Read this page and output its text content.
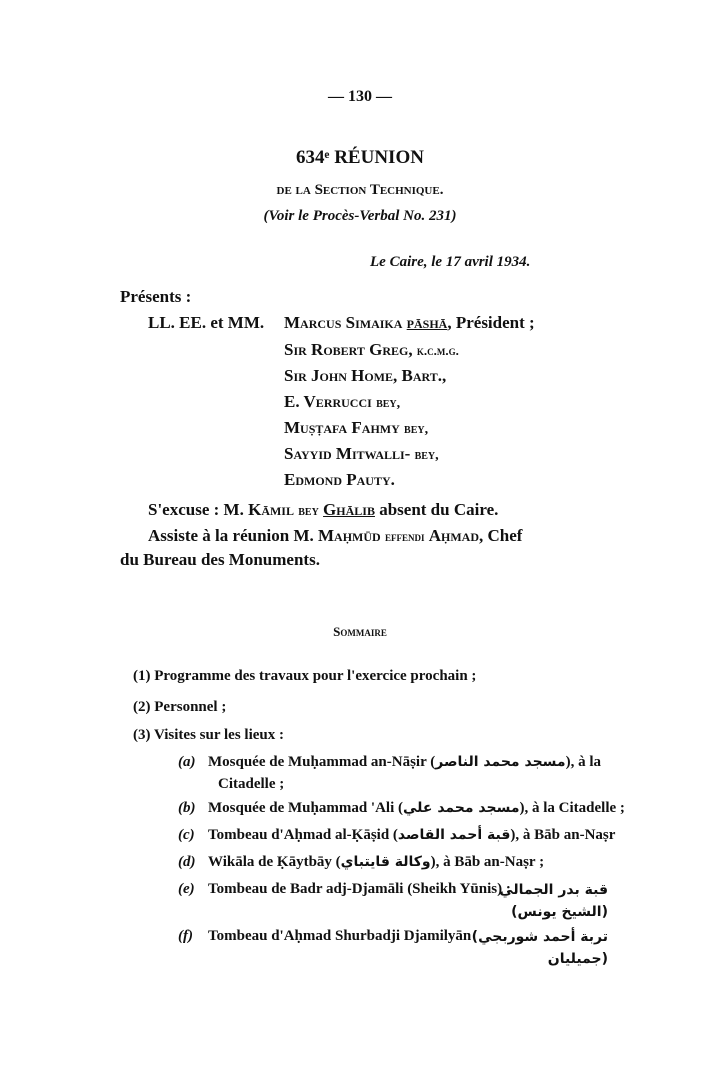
— 130 —
634ᵉ RÉUNION
de la Section Technique.
(Voir le Procès-Verbal No. 231)
Le Caire, le 17 avril 1934.
Présents :
LL. EE. et MM. Marcus Simaika pāshā, Président ;
Sir Robert Greg, k.c.m.g.
Sir John Home, Bart.,
E. Verrucci bey,
Muṣṭafa Fahmy bey,
Sayyid Mitwalli- bey,
Edmond Pauty.
S'excuse : M. Kāmil bey Ghālib absent du Caire.
Assiste à la réunion M. Maḥmūd effendi Aḥmad, Chef
du Bureau des Monuments.
Sommaire
(1) Programme des travaux pour l'exercice prochain ;
(2) Personnel ;
(3) Visites sur les lieux :
(a) Mosquée de Muḥammad an-Nāṣir (مسجد محمد الناصر), à la
Citadelle ;
(b) Mosquée de Muḥammad 'Ali (مسجد محمد علي), à la Citadelle ;
(c) Tombeau d'Aḥmad al-Ḳāṣid (قبة أحمد القاصد), à Bāb an-Naṣr
(d) Wikāla de Ḳāytbāy (وكالة قايتباي), à Bāb an-Naṣr ;
(e) Tombeau de Badr adj-Djamāli (Sheikh Yūnis) ;
قبة بدر الجمالي
(الشيخ يونس)
(f) Tombeau d'Aḥmad Shurbadji Djamilyān (تربة أحمد شوربجي
جميليان)
